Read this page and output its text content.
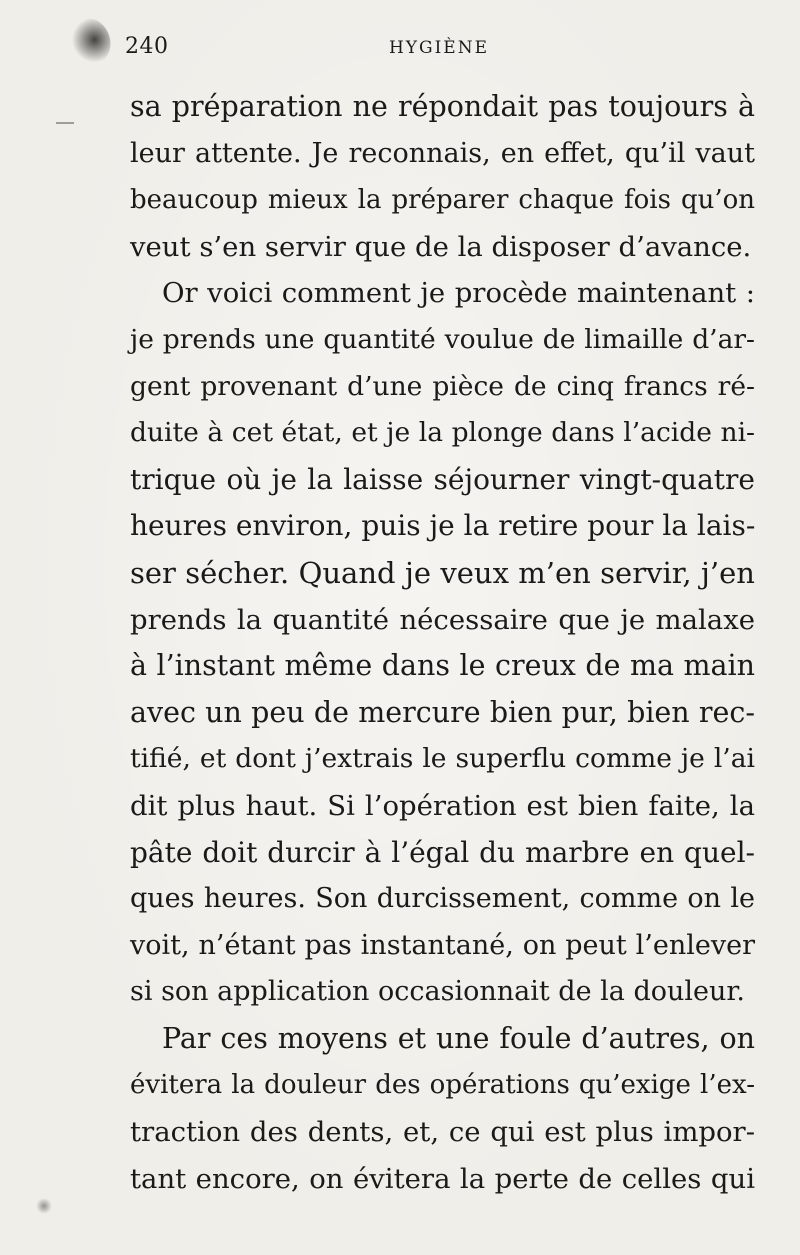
240	HYGIÈNE
sa préparation ne répondait pas toujours à
leur attente. Je reconnais, en effet, qu’il vaut
beaucoup mieux la préparer chaque fois qu’on
veut s’en servir que de la disposer d’avance.
Or voici comment je procède maintenant :
je prends une quantité voulue de limaille d’ar-
gent provenant d’une pièce de cinq francs ré-
duite à cet état, et je la plonge dans l’acide ni-
trique où je la laisse séjourner vingt-quatre
heures environ, puis je la retire pour la lais-
ser sécher. Quand je veux m’en servir, j’en
prends la quantité nécessaire que je malaxe
à l’instant même dans le creux de ma main
avec un peu de mercure bien pur, bien rec-
tifié, et dont j’extrais le superflu comme je l’ai
dit plus haut. Si l’opération est bien faite, la
pâte doit durcir à l’égal du marbre en quel-
ques heures. Son durcissement, comme on le
voit, n’étant pas instantané, on peut l’enlever
si son application occasionnait de la douleur.
Par ces moyens et une foule d’autres, on
évitera la douleur des opérations qu’exige l’ex-
traction des dents, et, ce qui est plus impor-
tant encore, on évitera la perte de celles qui
